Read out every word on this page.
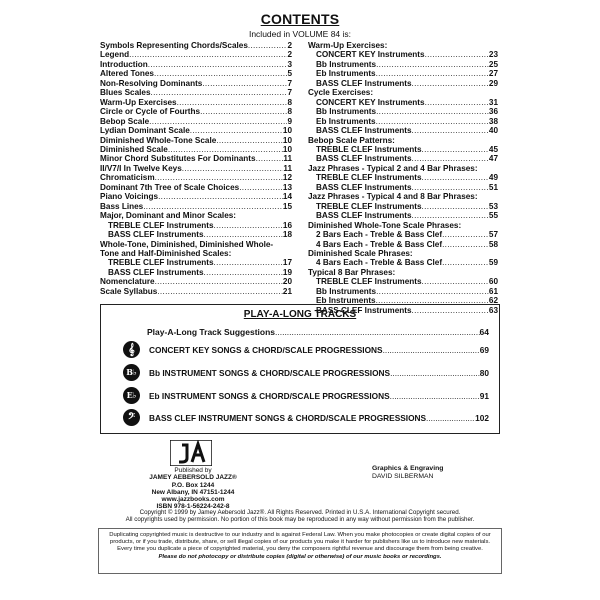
CONTENTS
Included in VOLUME 84 is:
Symbols Representing Chords/Scales .....	2
Legend .....	2
Introduction .....	3
Altered Tones .....	5
Non-Resolving Dominants .....	7
Blues Scales .....	7
Warm-Up Exercises .....	8
Circle or Cycle of Fourths .....	8
Bebop Scale .....	9
Lydian Dominant Scale .....	10
Diminished Whole-Tone Scale .....	10
Diminished Scale .....	10
Minor Chord Substitutes For Dominants .....	11
II/V7/I In Twelve Keys .....	11
Chromaticism .....	12
Dominant 7th Tree of Scale Choices .....	13
Piano Voicings .....	14
Bass Lines .....	15
Major, Dominant and Minor Scales:
TREBLE CLEF Instruments .....	16
BASS CLEF Instruments .....	18
Whole-Tone, Diminished, Diminished Whole-
Tone and Half-Diminished Scales:
TREBLE CLEF Instruments .....	17
BASS CLEF Instruments .....	19
Nomenclature .....	20
Scale Syllabus .....	21
Warm-Up Exercises:
CONCERT KEY Instruments .....	23
Bb Instruments .....	25
Eb Instruments .....	27
BASS CLEF Instruments .....	29
Cycle Exercises:
CONCERT KEY Instruments .....	31
Bb Instruments .....	36
Eb Instruments .....	38
BASS CLEF Instruments .....	40
Bebop Scale Patterns:
TREBLE CLEF Instruments .....	45
BASS CLEF Instruments .....	47
Jazz Phrases - Typical 2 and 4 Bar Phrases:
TREBLE CLEF Instruments .....	49
BASS CLEF Instruments .....	51
Jazz Phrases - Typical 4 and 8 Bar Phrases:
TREBLE CLEF Instruments .....	53
BASS CLEF Instruments .....	55
Diminished Whole-Tone Scale Phrases:
2 Bars Each - Treble & Bass Clef .....	57
4 Bars Each - Treble & Bass Clef .....	58
Diminished Scale Phrases:
4 Bars Each - Treble & Bass Clef .....	59
Typical 8 Bar Phrases:
TREBLE CLEF Instruments .....	60
Bb Instruments .....	61
Eb Instruments .....	62
BASS CLEF Instruments .....	63
PLAY-A-LONG TRACKS
Play-A-Long Track Suggestions .....	64
𝄞	CONCERT KEY SONGS & CHORD/SCALE PROGRESSIONS .....	69
B♭	Bb INSTRUMENT SONGS & CHORD/SCALE PROGRESSIONS .....	80
E♭	Eb INSTRUMENT SONGS & CHORD/SCALE PROGRESSIONS .....	91
𝄢	BASS CLEF INSTRUMENT SONGS & CHORD/SCALE PROGRESSIONS .....	102
Published by
JAMEY AEBERSOLD JAZZ®
P.O. Box 1244
New Albany, IN 47151-1244
www.jazzbooks.com
ISBN 978-1-56224-242-8
Graphics & Engraving
DAVID SILBERMAN
Copyright © 1999 by Jamey Aebersold Jazz®. All Rights Reserved. Printed in U.S.A. International Copyright secured.
All copyrights used by permission. No portion of this book may be reproduced in any way without permission from the publisher.
Duplicating copyrighted music is destructive to our industry and is against Federal Law. When you make photocopies or create digital copies of our products, or if you trade, distribute, share, or sell illegal copies of our products you make it harder for publishers like us to introduce new materials. Every time you duplicate a piece of copyrighted material, you deny the composers rightful revenue and discourage them from being creative.
Please do not photocopy or distribute copies (digital or otherwise) of our music books or recordings.
